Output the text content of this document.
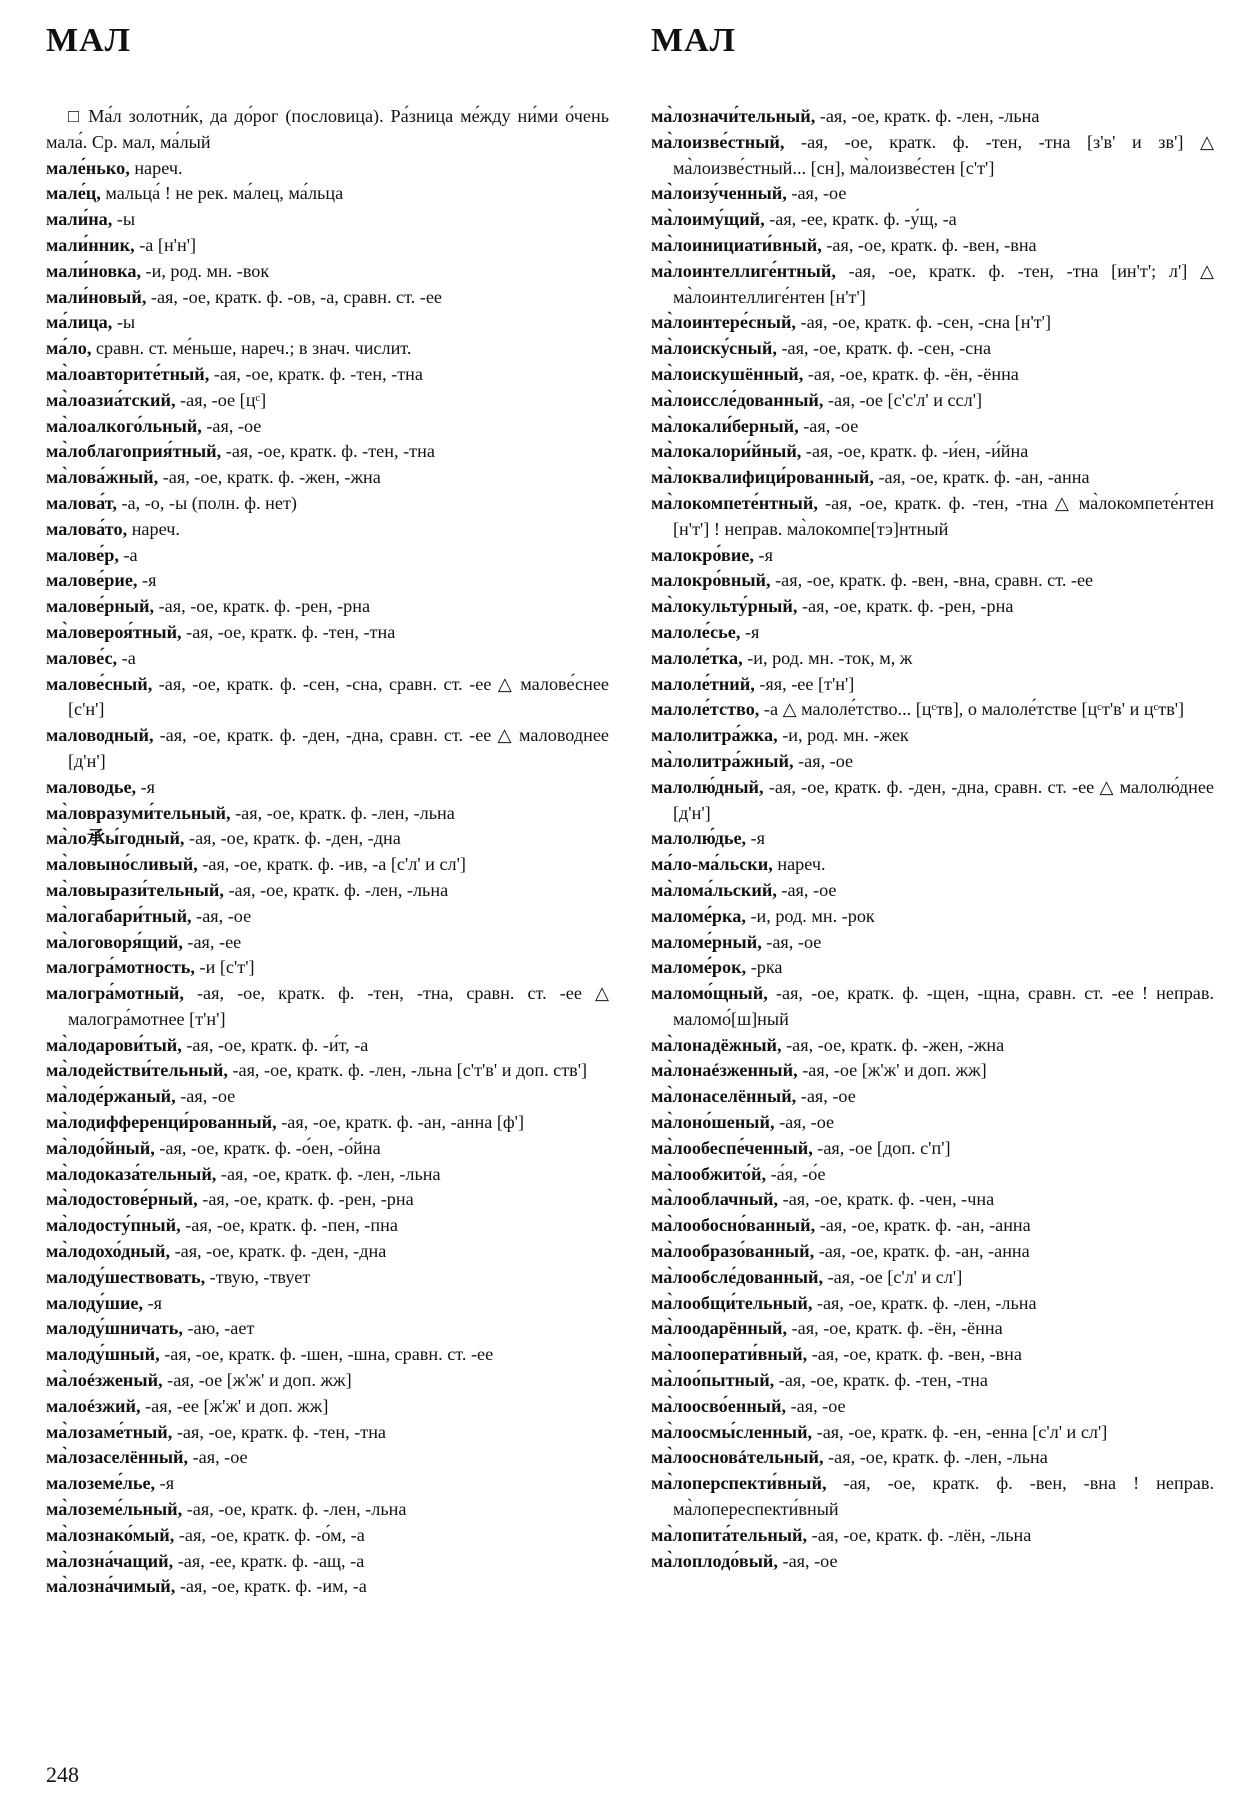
МАЛ	МАЛ
□ Ма́л золотни́к, да до́рог (пословица). Ра́зница ме́жду ни́ми о́чень мала́. Ср. мал, ма́лый
мале́нько, нареч.
мале́ц, мальца́ ! не рек. ма́лец, ма́льца
мали́на, -ы
мали́нник, -а [н'н']
мали́новка, -и, род. мн. -вок
мали́новый, -ая, -ое, кратк. ф. -ов, -а, сравн. ст. -ее
ма́лица, -ы
ма́ло, сравн. ст. ме́ньше, нареч.; в знач. числит.
ма̀лоавторите́тный, -ая, -ое, кратк. ф. -тен, -тна
ма̀лоазиа́тский, -ая, -ое [цᶜ]
ма̀лоалкого́льный, -ая, -ое
ма̀лоблагоприя́тный, -ая, -ое, кратк. ф. -тен, -тна
ма̀лова́жный, -ая, -ое, кратк. ф. -жен, -жна
малова́т, -а, -о, -ы (полн. ф. нет)
малова́то, нареч.
малове́р, -а
малове́рие, -я
малове́рный, -ая, -ое, кратк. ф. -рен, -рна
ма̀ловероя́тный, -ая, -ое, кратк. ф. -тен, -тна
малове́с, -а
малове́сный, -ая, -ое, кратк. ф. -сен, -сна, сравн. ст. -ее △ малове́снее [с'н']
маловодный, -ая, -ое, кратк. ф. -ден, -дна, сравн. ст. -ее △ маловоднее [д'н']
маловодье, -я
ма̀ловразуми́тельный, -ая, -ое, кратк. ф. -лен, -льна
ма̀ло承ы́годный, -ая, -ое, кратк. ф. -ден, -дна
ма̀ловыно́сливый, -ая, -ое, кратк. ф. -ив, -а [с'л' и сл']
ма̀ловырази́тельный, -ая, -ое, кратк. ф. -лен, -льна
ма̀логабари́тный, -ая, -ое
ма̀логоворя́щий, -ая, -ее
малогра́мотность, -и [с'т']
малогра́мотный, -ая, -ое, кратк. ф. -тен, -тна, сравн. ст. -ее △ малогра́мотнее [т'н']
ма̀лодарови́тый, -ая, -ое, кратк. ф. -и́т, -а
ма̀лодействи́тельный, -ая, -ое, кратк. ф. -лен, -льна [с'т'в' и доп. ств']
ма̀лоде́ржаный, -ая, -ое
ма̀лодифференци́рованный, -ая, -ое, кратк. ф. -ан, -анна [ф']
ма̀лодо́йный, -ая, -ое, кратк. ф. -о́ен, -о́йна
ма̀лодоказа́тельный, -ая, -ое, кратк. ф. -лен, -льна
ма̀лодостове́рный, -ая, -ое, кратк. ф. -рен, -рна
ма̀лодосту́пный, -ая, -ое, кратк. ф. -пен, -пна
ма̀лодохо́дный, -ая, -ое, кратк. ф. -ден, -дна
малоду́шествовать, -твую, -твует
малоду́шие, -я
малоду́шничать, -аю, -ает
малоду́шный, -ая, -ое, кратк. ф. -шен, -шна, сравн. ст. -ее
ма̀лоéзженый, -ая, -ое [ж'ж' и доп. жж]
малоéзжий, -ая, -ее [ж'ж' и доп. жж]
ма̀лозаме́тный, -ая, -ое, кратк. ф. -тен, -тна
ма̀лозаселённый, -ая, -ое
малоземе́лье, -я
ма̀лоземе́льный, -ая, -ое, кратк. ф. -лен, -льна
ма̀лознако́мый, -ая, -ое, кратк. ф. -о́м, -а
ма̀лозна́чащий, -ая, -ее, кратк. ф. -ащ, -а
ма̀лозна́чимый, -ая, -ое, кратк. ф. -им, -а
ма̀лозначи́тельный, -ая, -ое, кратк. ф. -лен, -льна
ма̀лоизве́стный, -ая, -ое, кратк. ф. -тен, -тна [з'в' и зв'] △ ма̀лоизве́стный... [сн], ма̀лоизве́стен [с'т']
ма̀лоизу́ченный, -ая, -ое
ма̀лоиму́щий, -ая, -ее, кратк. ф. -у́щ, -а
ма̀лоинициати́вный, -ая, -ое, кратк. ф. -вен, -вна
ма̀лоинтеллиге́нтный, -ая, -ое, кратк. ф. -тен, -тна [ин'т'; л'] △ ма̀лоинтеллиге́нтен [н'т']
ма̀лоинтере́сный, -ая, -ое, кратк. ф. -сен, -сна [н'т']
ма̀лоиску́сный, -ая, -ое, кратк. ф. -сен, -сна
ма̀лоискушённый, -ая, -ое, кратк. ф. -ён, -ённа
ма̀лоиссле́дованный, -ая, -ое [с'с'л' и ссл']
ма̀локали́берный, -ая, -ое
ма̀локалори́йный, -ая, -ое, кратк. ф. -и́ен, -и́йна
ма̀локвалифици́рованный, -ая, -ое, кратк. ф. -ан, -анна
ма̀локомпете́нтный, -ая, -ое, кратк. ф. -тен, -тна △ ма̀локомпете́нтен [н'т'] ! неправ. ма̀локомпе[тэ]нтный
малокро́вие, -я
малокро́вный, -ая, -ое, кратк. ф. -вен, -вна, сравн. ст. -ее
ма̀локульту́рный, -ая, -ое, кратк. ф. -рен, -рна
малоле́сье, -я
малоле́тка, -и, род. мн. -ток, м, ж
малоле́тний, -яя, -ее [т'н']
малоле́тство, -а △ малоле́тство... [цᶜтв], о малоле́тстве [цᶜт'в' и цᶜтв']
малолитра́жка, -и, род. мн. -жек
ма̀лолитра́жный, -ая, -ое
малолю́дный, -ая, -ое, кратк. ф. -ден, -дна, сравн. ст. -ее △ малолю́днее [д'н']
малолю́дье, -я
ма́ло-ма́льски, нареч.
ма̀лома́льский, -ая, -ое
маломе́рка, -и, род. мн. -рок
маломе́рный, -ая, -ое
маломе́рок, -рка
маломо́щный, -ая, -ое, кратк. ф. -щен, -щна, сравн. ст. -ее ! неправ. маломо́[ш]ный
ма̀лонадёжный, -ая, -ое, кратк. ф. -жен, -жна
ма̀лонаéзженный, -ая, -ое [ж'ж' и доп. жж]
ма̀лонаселённый, -ая, -ое
ма̀лоно́шеный, -ая, -ое
ма̀лообеспе́ченный, -ая, -ое [доп. с'п']
ма̀лообжито́й, -а́я, -о́е
ма̀лооблачный, -ая, -ое, кратк. ф. -чен, -чна
ма̀лообосно́ванный, -ая, -ое, кратк. ф. -ан, -анна
ма̀лообразо́ванный, -ая, -ое, кратк. ф. -ан, -анна
ма̀лообсле́дованный, -ая, -ое [с'л' и сл']
ма̀лообщи́тельный, -ая, -ое, кратк. ф. -лен, -льна
ма̀лоодарённый, -ая, -ое, кратк. ф. -ён, -ённа
ма̀лооперати́вный, -ая, -ое, кратк. ф. -вен, -вна
ма̀лоо́пытный, -ая, -ое, кратк. ф. -тен, -тна
ма̀лоосво́енный, -ая, -ое
ма̀лоосмы́сленный, -ая, -ое, кратк. ф. -ен, -енна [с'л' и сл']
ма̀лоосновáтельный, -ая, -ое, кратк. ф. -лен, -льна
ма̀лоперспекти́вный, -ая, -ое, кратк. ф. -вен, -вна ! неправ. ма̀лопереспекти́вный
ма̀лопита́тельный, -ая, -ое, кратк. ф. -лён, -льна
ма̀лоплодо́вый, -ая, -ое
248
